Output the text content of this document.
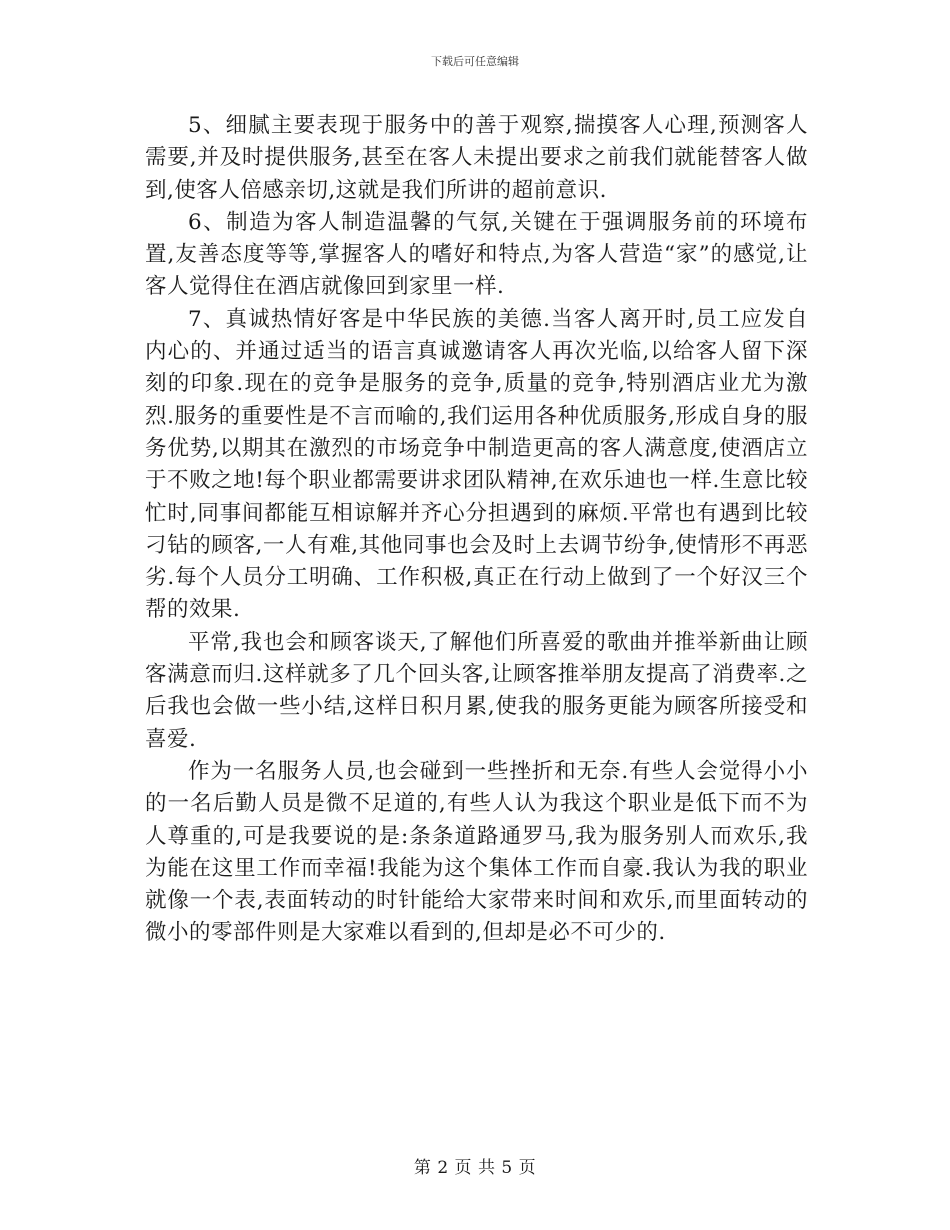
下载后可任意编辑

5、细腻主要表现于服务中的善于观察,揣摸客人心理,预测客人需要,并及时提供服务,甚至在客人未提出要求之前我们就能替客人做到,使客人倍感亲切,这就是我们所讲的超前意识.

6、制造为客人制造温馨的气氛,关键在于强调服务前的环境布置,友善态度等等,掌握客人的嗜好和特点,为客人营造“家”的感觉,让客人觉得住在酒店就像回到家里一样.

7、真诚热情好客是中华民族的美德.当客人离开时,员工应发自内心的、并通过适当的语言真诚邀请客人再次光临,以给客人留下深刻的印象.现在的竞争是服务的竞争,质量的竞争,特别酒店业尤为激烈.服务的重要性是不言而喻的,我们运用各种优质服务,形成自身的服务优势,以期其在激烈的市场竞争中制造更高的客人满意度,使酒店立于不败之地!每个职业都需要讲求团队精神,在欢乐迪也一样.生意比较忙时,同事间都能互相谅解并齐心分担遇到的麻烦.平常也有遇到比较刁钻的顾客,一人有难,其他同事也会及时上去调节纷争,使情形不再恶劣.每个人员分工明确、工作积极,真正在行动上做到了一个好汉三个帮的效果.

平常,我也会和顾客谈天,了解他们所喜爱的歌曲并推举新曲让顾客满意而归.这样就多了几个回头客,让顾客推举朋友提高了消费率.之后我也会做一些小结,这样日积月累,使我的服务更能为顾客所接受和喜爱.

作为一名服务人员,也会碰到一些挫折和无奈.有些人会觉得小小的一名后勤人员是微不足道的,有些人认为我这个职业是低下而不为人尊重的,可是我要说的是:条条道路通罗马,我为服务别人而欢乐,我为能在这里工作而幸福!我能为这个集体工作而自豪.我认为我的职业就像一个表,表面转动的时针能给大家带来时间和欢乐,而里面转动的微小的零部件则是大家难以看到的,但却是必不可少的.

第 2 页 共 5 页
